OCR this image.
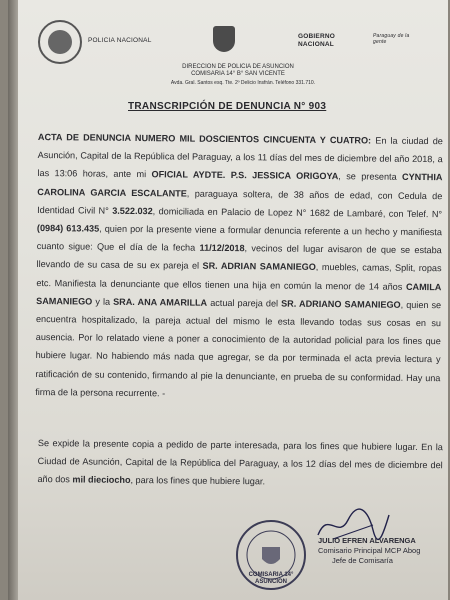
POLICIA NACIONAL
GOBIERNO
NACIONAL
Paraguay de la gente
DIRECCION DE POLICIA DE ASUNCION
COMISARIA 14° B° SAN VICENTE
Avda. Gral. Santos esq. Tte. 2º Delicio Insfrán. Teléfono 331.710.
TRANSCRIPCIÓN DE DENUNCIA N° 903
ACTA DE DENUNCIA NUMERO MIL DOSCIENTOS CINCUENTA Y CUATRO: En la ciudad de Asunción, Capital de la República del Paraguay, a los 11 días del mes de diciembre del año 2018, a las 13:06 horas, ante mi OFICIAL AYDTE. P.S. JESSICA ORIGOYA, se presenta CYNTHIA CAROLINA GARCIA ESCALANTE, paraguaya soltera, de 38 años de edad, con Cedula de Identidad Civil N° 3.522.032, domiciliada en Palacio de Lopez N° 1682 de Lambaré, con Telef. N° (0984) 613.435, quien por la presente viene a formular denuncia referente a un hecho y manifiesta cuanto sigue: Que el día de la fecha 11/12/2018, vecinos del lugar avisaron de que se estaba llevando de su casa de su ex pareja el SR. ADRIAN SAMANIEGO, muebles, camas, Split, ropas etc. Manifiesta la denunciante que ellos tienen una hija en común la menor de 14 años CAMILA SAMANIEGO y la SRA. ANA AMARILLA actual pareja del SR. ADRIANO SAMANIEGO, quien se encuentra hospitalizado, la pareja actual del mismo le esta llevando todas sus cosas en su ausencia. Por lo relatado viene a poner a conocimiento de la autoridad policial para los fines que hubiere lugar. No habiendo más nada que agregar, se da por terminada el acta previa lectura y ratificación de su contenido, firmando al pie la denunciante, en prueba de su conformidad. Hay una firma de la persona recurrente. -
Se expide la presente copia a pedido de parte interesada, para los fines que hubiere lugar. En la Ciudad de Asunción, Capital de la República del Paraguay, a los 12 días del mes de diciembre del año dos mil dieciocho, para los fines que hubiere lugar.
COMISARIA 14°
ASUNCION
JULIO EFREN ALVARENGA
Comisario Principal MCP Abog
Jefe de Comisaría
